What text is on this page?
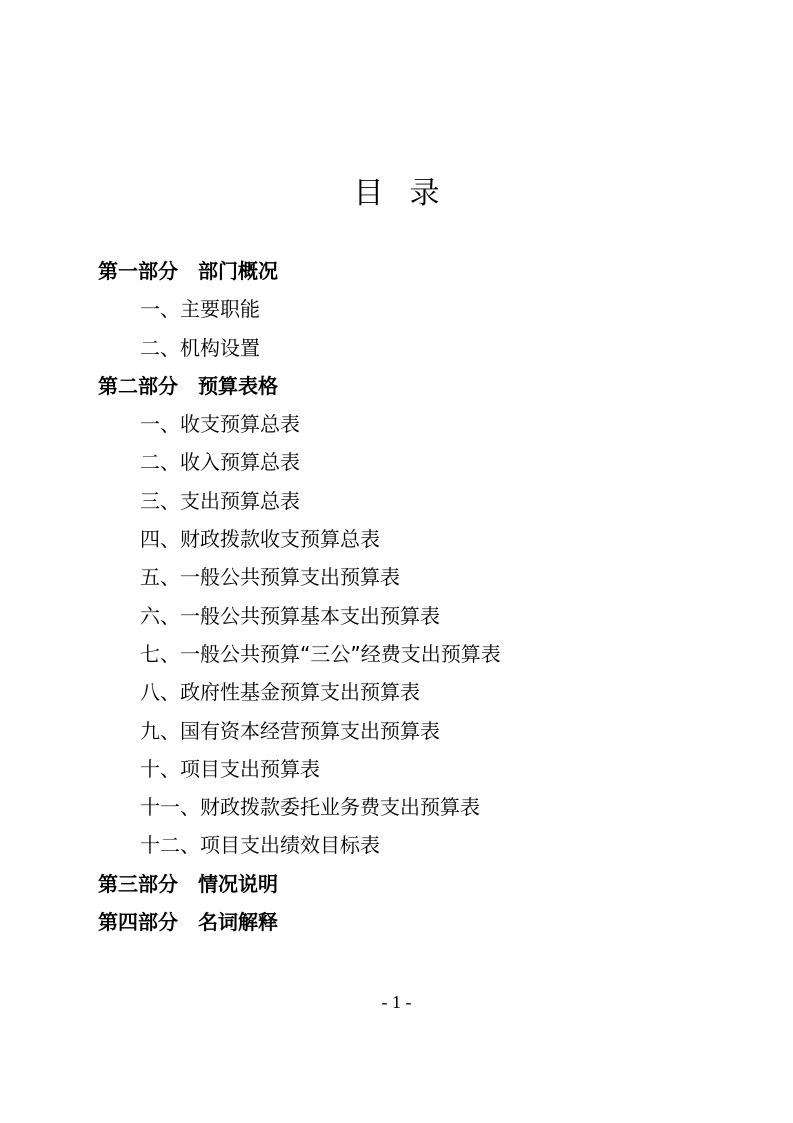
目录
第一部分 部门概况
一、主要职能
二、机构设置
第二部分 预算表格
一、收支预算总表
二、收入预算总表
三、支出预算总表
四、财政拨款收支预算总表
五、一般公共预算支出预算表
六、一般公共预算基本支出预算表
七、一般公共预算“三公”经费支出预算表
八、政府性基金预算支出预算表
九、国有资本经营预算支出预算表
十、项目支出预算表
十一、财政拨款委托业务费支出预算表
十二、项目支出绩效目标表
第三部分 情况说明
第四部分 名词解释
- 1 -
